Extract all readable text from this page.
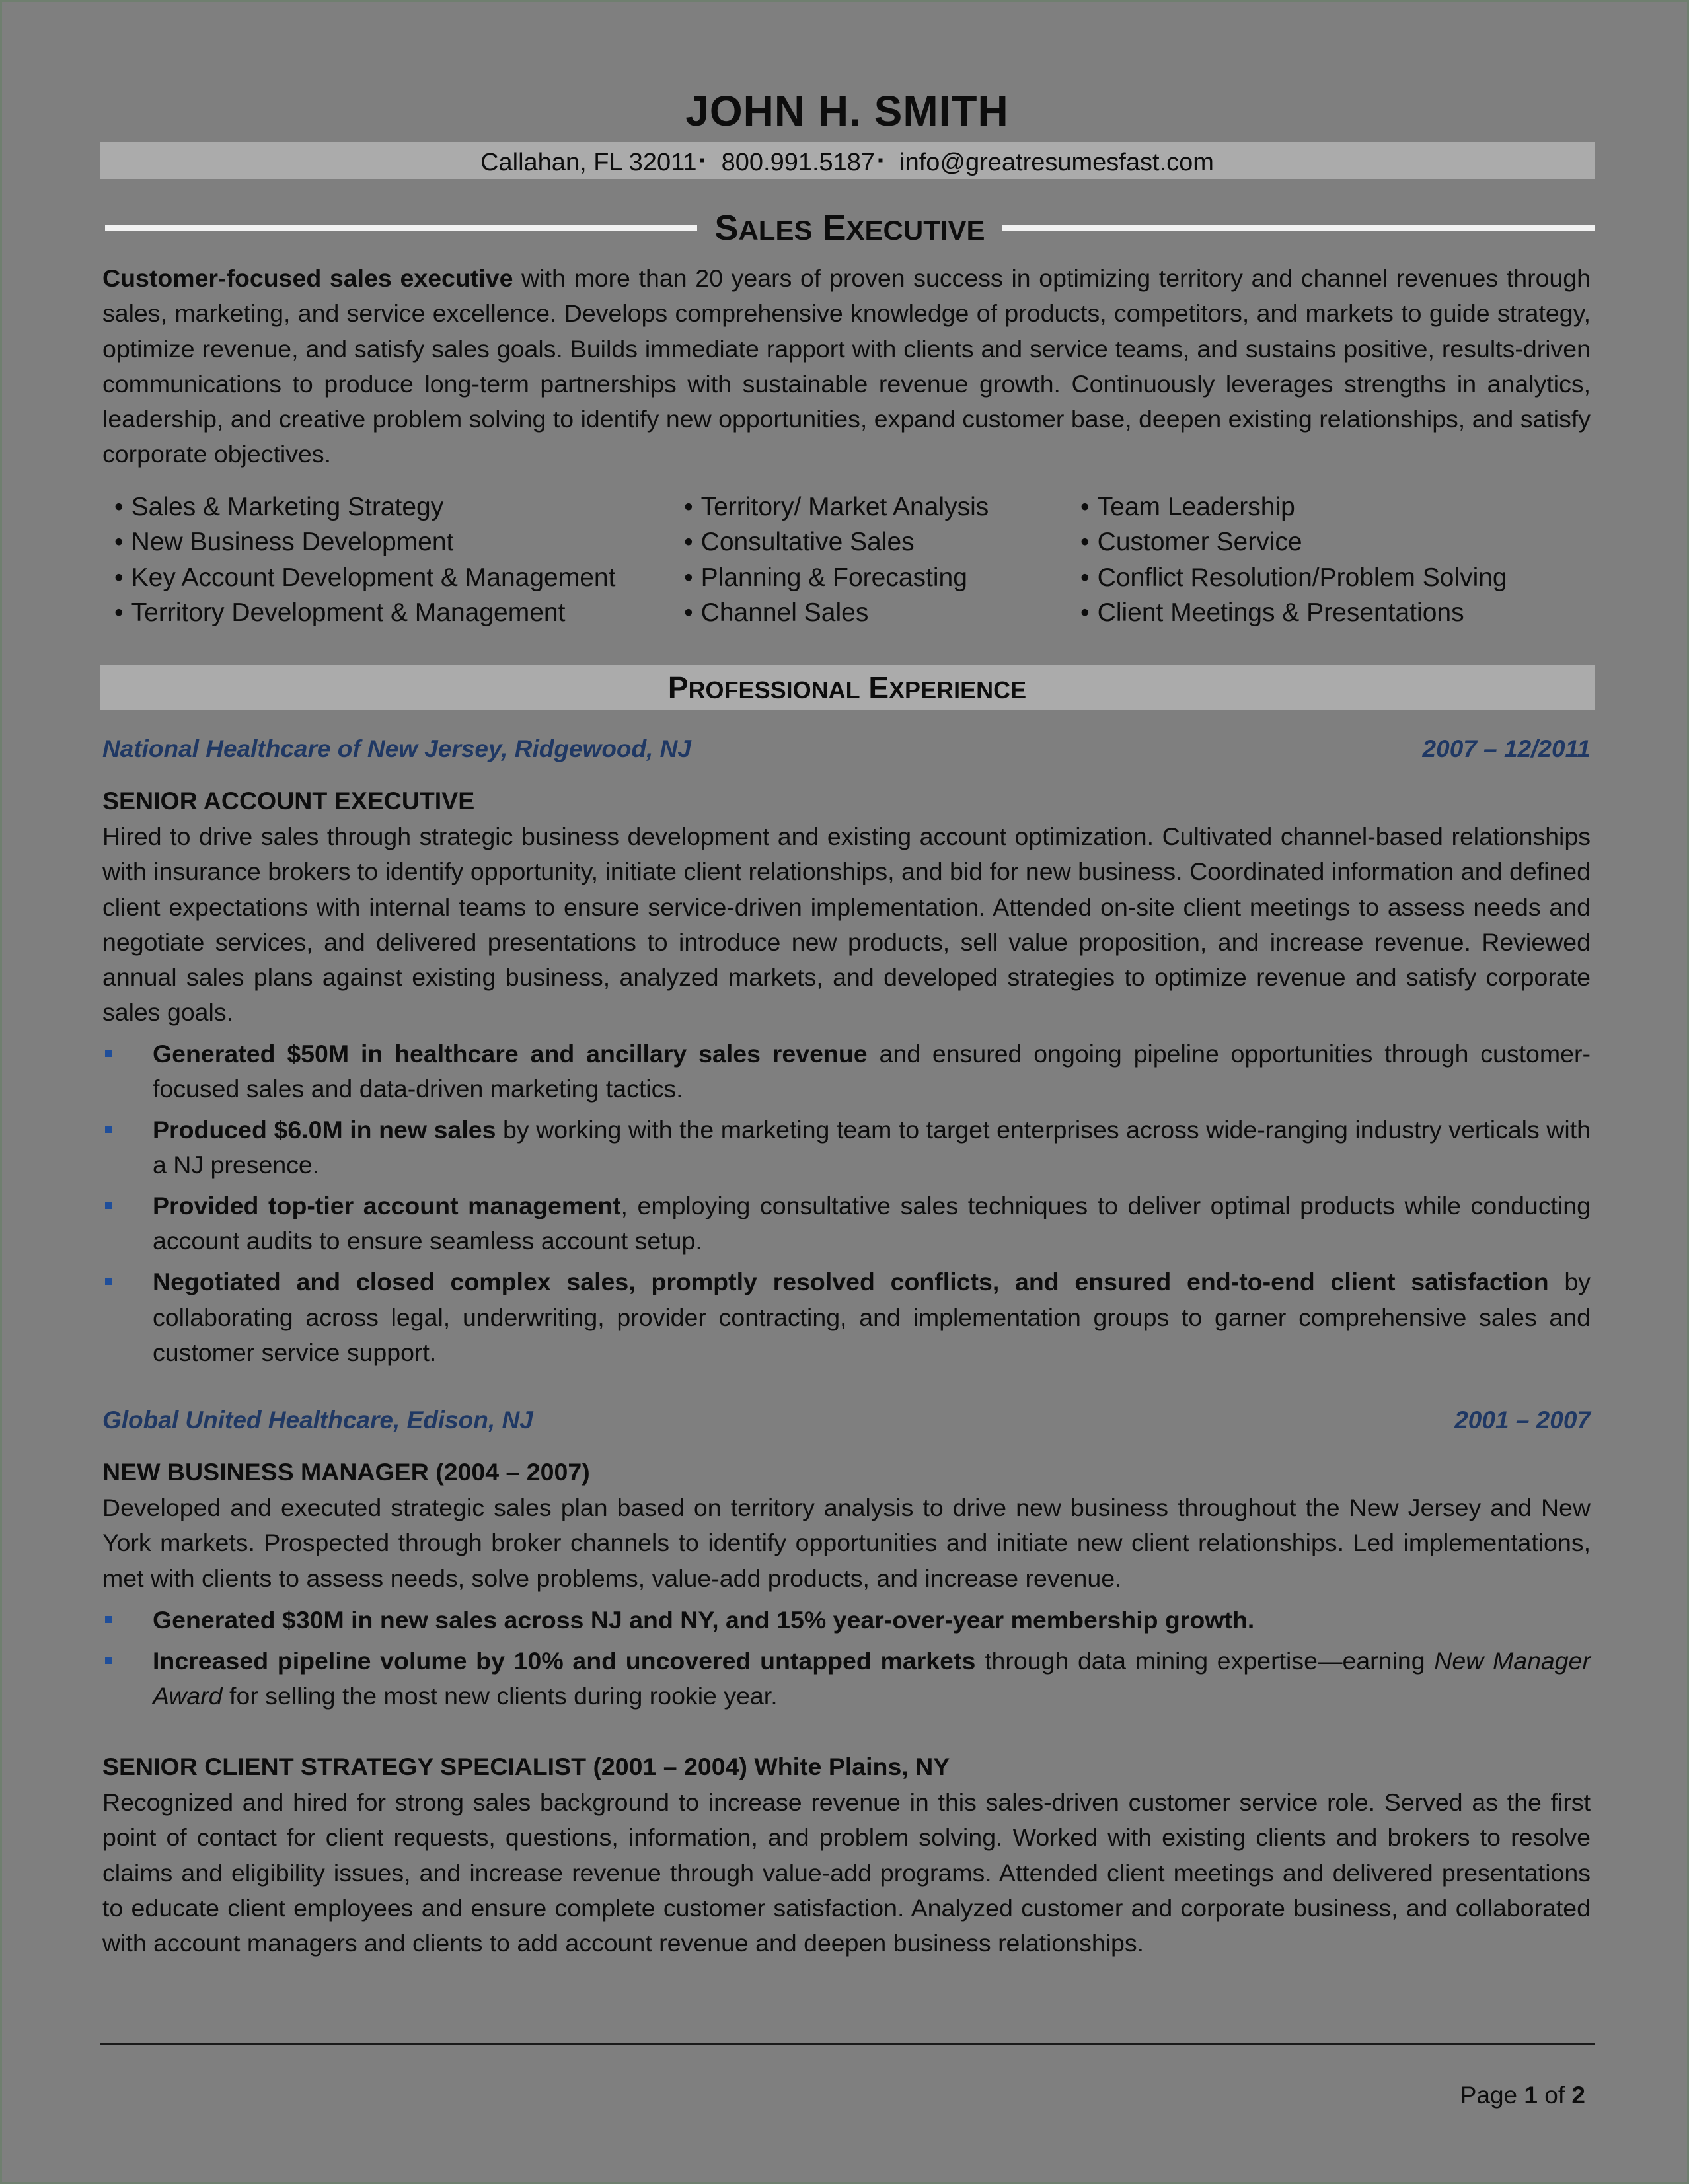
JOHN H. SMITH
Callahan, FL 32011 ▪ 800.991.5187 ▪ info@greatresumesfast.com
SALES EXECUTIVE
Customer-focused sales executive with more than 20 years of proven success in optimizing territory and channel revenues through sales, marketing, and service excellence. Develops comprehensive knowledge of products, competitors, and markets to guide strategy, optimize revenue, and satisfy sales goals. Builds immediate rapport with clients and service teams, and sustains positive, results-driven communications to produce long-term partnerships with sustainable revenue growth. Continuously leverages strengths in analytics, leadership, and creative problem solving to identify new opportunities, expand customer base, deepen existing relationships, and satisfy corporate objectives.
• Sales & Marketing Strategy
• New Business Development
• Key Account Development & Management
• Territory Development & Management
• Territory/ Market Analysis
• Consultative Sales
• Planning & Forecasting
• Channel Sales
• Team Leadership
• Customer Service
• Conflict Resolution/Problem Solving
• Client Meetings & Presentations
PROFESSIONAL EXPERIENCE
National Healthcare of New Jersey, Ridgewood, NJ	2007 – 12/2011
SENIOR ACCOUNT EXECUTIVE
Hired to drive sales through strategic business development and existing account optimization. Cultivated channel-based relationships with insurance brokers to identify opportunity, initiate client relationships, and bid for new business. Coordinated information and defined client expectations with internal teams to ensure service-driven implementation. Attended on-site client meetings to assess needs and negotiate services, and delivered presentations to introduce new products, sell value proposition, and increase revenue. Reviewed annual sales plans against existing business, analyzed markets, and developed strategies to optimize revenue and satisfy corporate sales goals.
Generated $50M in healthcare and ancillary sales revenue and ensured ongoing pipeline opportunities through customer-focused sales and data-driven marketing tactics.
Produced $6.0M in new sales by working with the marketing team to target enterprises across wide-ranging industry verticals with a NJ presence.
Provided top-tier account management, employing consultative sales techniques to deliver optimal products while conducting account audits to ensure seamless account setup.
Negotiated and closed complex sales, promptly resolved conflicts, and ensured end-to-end client satisfaction by collaborating across legal, underwriting, provider contracting, and implementation groups to garner comprehensive sales and customer service support.
Global United Healthcare, Edison, NJ	2001 – 2007
NEW BUSINESS MANAGER (2004 – 2007)
Developed and executed strategic sales plan based on territory analysis to drive new business throughout the New Jersey and New York markets. Prospected through broker channels to identify opportunities and initiate new client relationships. Led implementations, met with clients to assess needs, solve problems, value-add products, and increase revenue.
Generated $30M in new sales across NJ and NY, and 15% year-over-year membership growth.
Increased pipeline volume by 10% and uncovered untapped markets through data mining expertise—earning New Manager Award for selling the most new clients during rookie year.
SENIOR CLIENT STRATEGY SPECIALIST (2001 – 2004) White Plains, NY
Recognized and hired for strong sales background to increase revenue in this sales-driven customer service role. Served as the first point of contact for client requests, questions, information, and problem solving. Worked with existing clients and brokers to resolve claims and eligibility issues, and increase revenue through value-add programs. Attended client meetings and delivered presentations to educate client employees and ensure complete customer satisfaction. Analyzed customer and corporate business, and collaborated with account managers and clients to add account revenue and deepen business relationships.
Page 1 of 2
